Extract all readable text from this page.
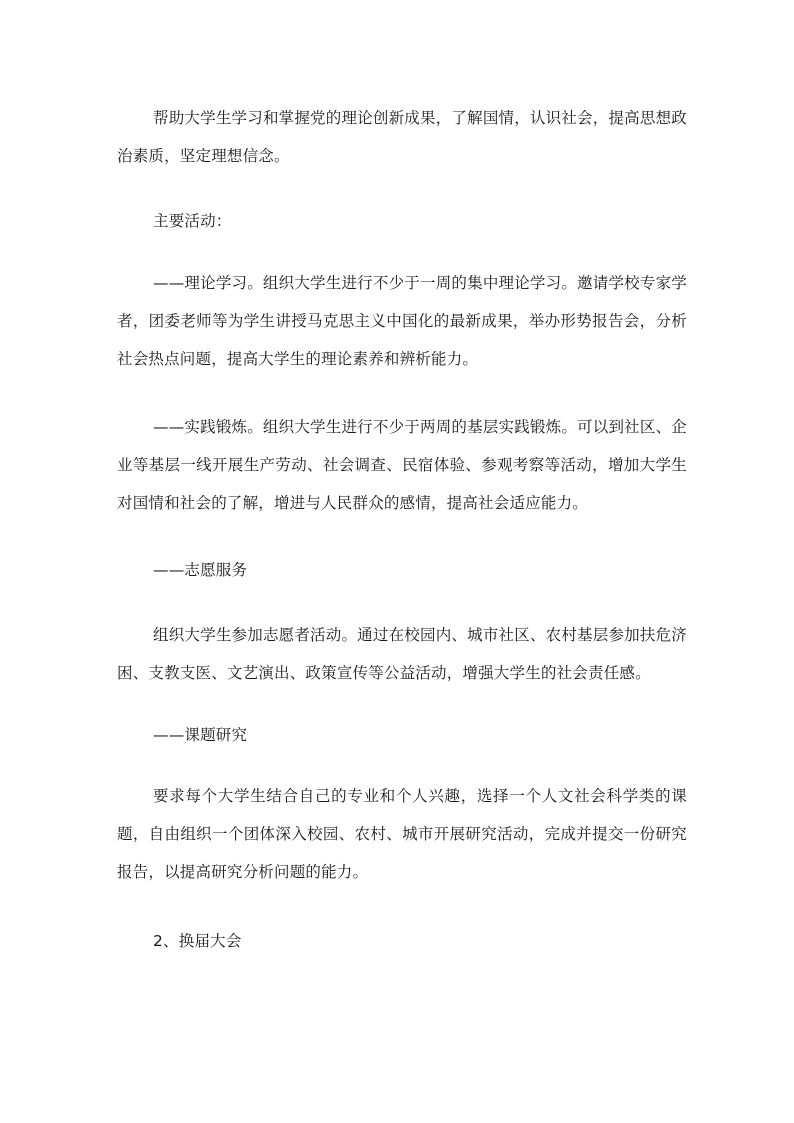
帮助大学生学习和掌握党的理论创新成果，了解国情，认识社会，提高思想政治素质，坚定理想信念。

主要活动：

——理论学习。组织大学生进行不少于一周的集中理论学习。邀请学校专家学者，团委老师等为学生讲授马克思主义中国化的最新成果，举办形势报告会，分析社会热点问题，提高大学生的理论素养和辨析能力。

——实践锻炼。组织大学生进行不少于两周的基层实践锻炼。可以到社区、企业等基层一线开展生产劳动、社会调查、民宿体验、参观考察等活动，增加大学生对国情和社会的了解，增进与人民群众的感情，提高社会适应能力。

——志愿服务

组织大学生参加志愿者活动。通过在校园内、城市社区、农村基层参加扶危济困、支教支医、文艺演出、政策宣传等公益活动，增强大学生的社会责任感。

——课题研究

要求每个大学生结合自己的专业和个人兴趣，选择一个人文社会科学类的课题，自由组织一个团体深入校园、农村、城市开展研究活动，完成并提交一份研究报告，以提高研究分析问题的能力。

2、换届大会
